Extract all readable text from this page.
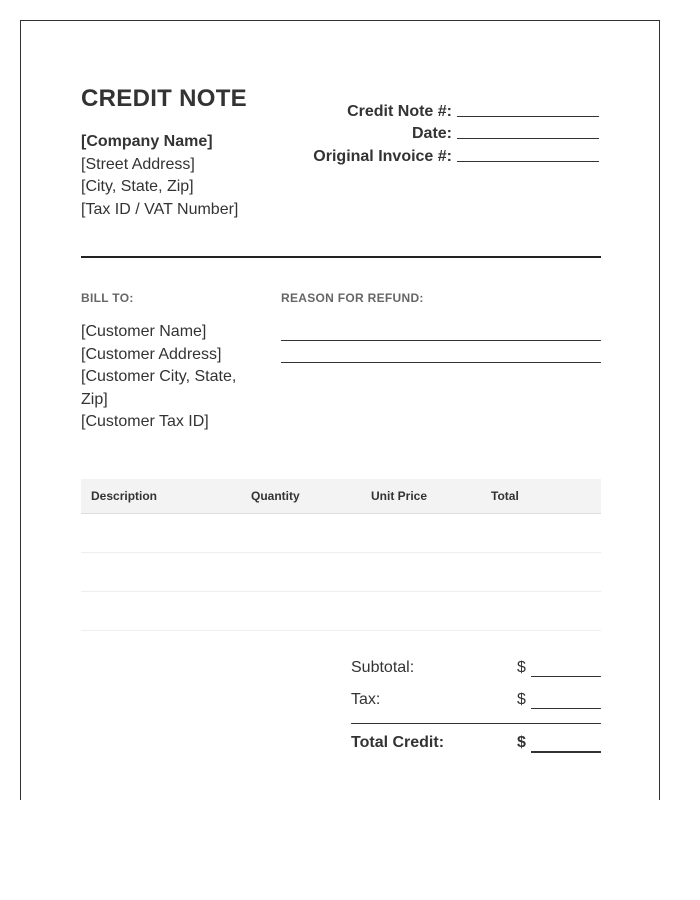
CREDIT NOTE
[Company Name]
[Street Address]
[City, State, Zip]
[Tax ID / VAT Number]
Credit Note #:
Date:
Original Invoice #:
BILL TO:	REASON FOR REFUND:
[Customer Name]
[Customer Address]
[Customer City, State, Zip]
[Customer Tax ID]
Description	Quantity	Unit Price	Total

Subtotal:	$
Tax:	$
Total Credit:	$
